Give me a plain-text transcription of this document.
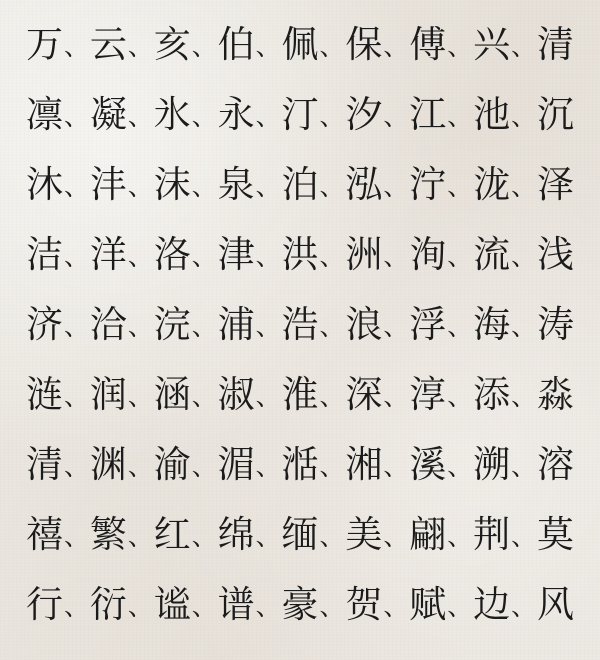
万 、 云 、 亥 、 伯 、 佩 、 保 、 傅 、 兴 、 清
凛 、 凝 、 氷 、 永 、 汀 、 汐 、 江 、 池 、 沉
沐 、 沣 、 沫 、 泉 、 泊 、 泓 、 泞 、 泷 、 泽
洁 、 洋 、 洛 、 津 、 洪 、 洲 、 洵 、 流 、 浅
济 、 洽 、 浣 、 浦 、 浩 、 浪 、 浮 、 海 、 涛
涟 、 润 、 涵 、 淑 、 淮 、 深 、 淳 、 添 、 淼
清 、 渊 、 渝 、 湄 、 湉 、 湘 、 溪 、 溯 、 溶
禧 、 繁 、 红 、 绵 、 缅 、 美 、 翩 、 荆 、 莫
行 、 衍 、 谧 、 谱 、 豪 、 贺 、 赋 、 边 、 风
